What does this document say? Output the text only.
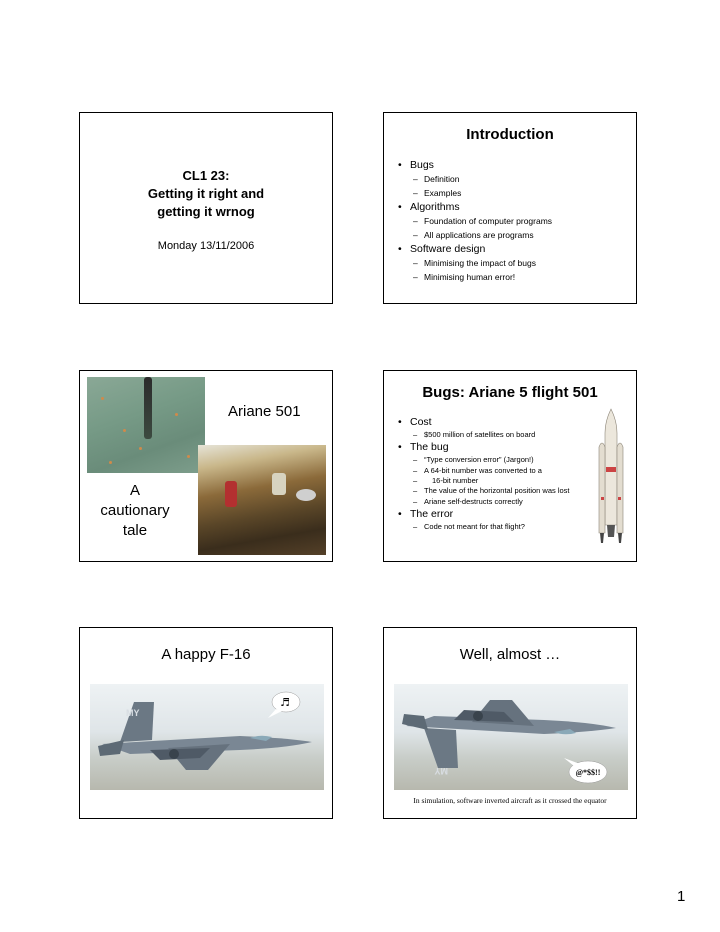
CL1 23:
Getting it right and
getting it wrnog
Monday 13/11/2006
Introduction
• Bugs
– Definition
– Examples
• Algorithms
– Foundation of computer programs
– All applications are programs
• Software design
– Minimising the impact of bugs
– Minimising human error!
Ariane 501
A
cautionary
tale
Bugs: Ariane 5 flight 501
• Cost
– $500 million of satellites on board
• The bug
– “Type conversion error” (Jargon!)
– A 64-bit number was converted to a
– 16-bit number
– The value of the horizontal position was lost
– Ariane self-destructs correctly
• The error
– Code not meant for that flight?
A happy F-16
MY
♬
Well, almost …
MY	@*$$!!
In simulation, software inverted aircraft as it crossed the equator
1
